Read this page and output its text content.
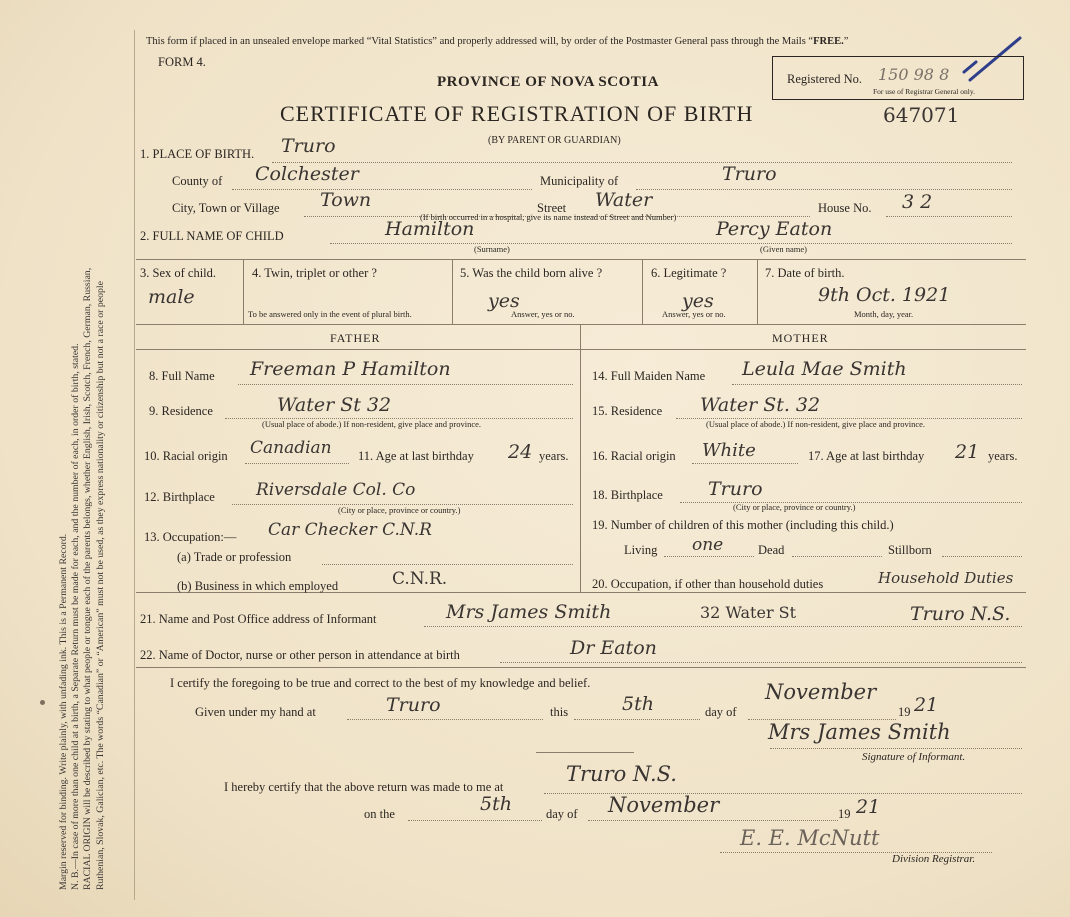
Margin reserved for binding. Write plainly, with unfading ink. This is a Permanent Record. N. B.—In case of more than one child at a birth, a Separate Return must be made for each, and the number of each, in order of birth, stated. RACIAL ORIGIN will be described by stating to what people or tongue each of the parents belongs, whether English, Irish, Scotch, French, German, Russian, Ruthenian, Slovak, Galician, etc. The words “Canadian” or “American” must not be used, as they express nationality or citizenship but not a race or people
This form if placed in an unsealed envelope marked “Vital Statistics” and properly addressed will, by order of the Postmaster General pass through the Mails “FREE.”
FORM 4.
PROVINCE OF NOVA SCOTIA
CERTIFICATE OF REGISTRATION OF BIRTH	647071
(BY PARENT OR GUARDIAN)
Registered No. 150 98 8
For use of Registrar General only.
1. PLACE OF BIRTH. Truro
County of Colchester	Municipality of	Truro
City, Town or Village Town	Street Water	House No. 3 2
(If birth occurred in a hospital, give its name instead of Street and Number)
2. FULL NAME OF CHILD	Hamilton
(Surname)
Percy Eaton
(Given name)
3. Sex of child.
male
4. Twin, triplet or other ?
To be answered only in the event of plural birth.
5. Was the child born alive ?
yes
Answer, yes or no.
6. Legitimate ?
yes
Answer, yes or no.
7. Date of birth.
9th Oct. 1921
Month, day, year.
FATHER	MOTHER
8. Full Name Freeman P Hamilton
9. Residence	Water St 32
(Usual place of abode.) If non-resident, give place and province.
10. Racial origin Canadian 11. Age at last birthday 24 years.
12. Birthplace Riversdale Col. Co
(City or place, province or country.)
13. Occupation:— Car Checker C.N.R
(a) Trade or profession
(b) Business in which employed	C.N.R.
14. Full Maiden Name Leula Mae Smith
15. Residence Water St. 32
(Usual place of abode.) If non-resident, give place and province.
16. Racial origin White	17. Age at last birthday 21 years.
18. Birthplace Truro
(City or place, province or country.)
19. Number of children of this mother (including this child.)
Living one	Dead	Stillborn
20. Occupation, if other than household duties	Household Duties
21. Name and Post Office address of Informant	Mrs James Smith	32 Water St	Truro N.S.
22. Name of Doctor, nurse or other person in attendance at birth	Dr Eaton
I certify the foregoing to be true and correct to the best of my knowledge and belief.
Given under my hand at	Truro	this	5th	day of
November
19 21
Mrs James Smith
Signature of Informant.
I hereby certify that the above return was made to me at
Truro N.S.
on the	5th	day of November	19 21
E. E. McNutt
Division Registrar.
